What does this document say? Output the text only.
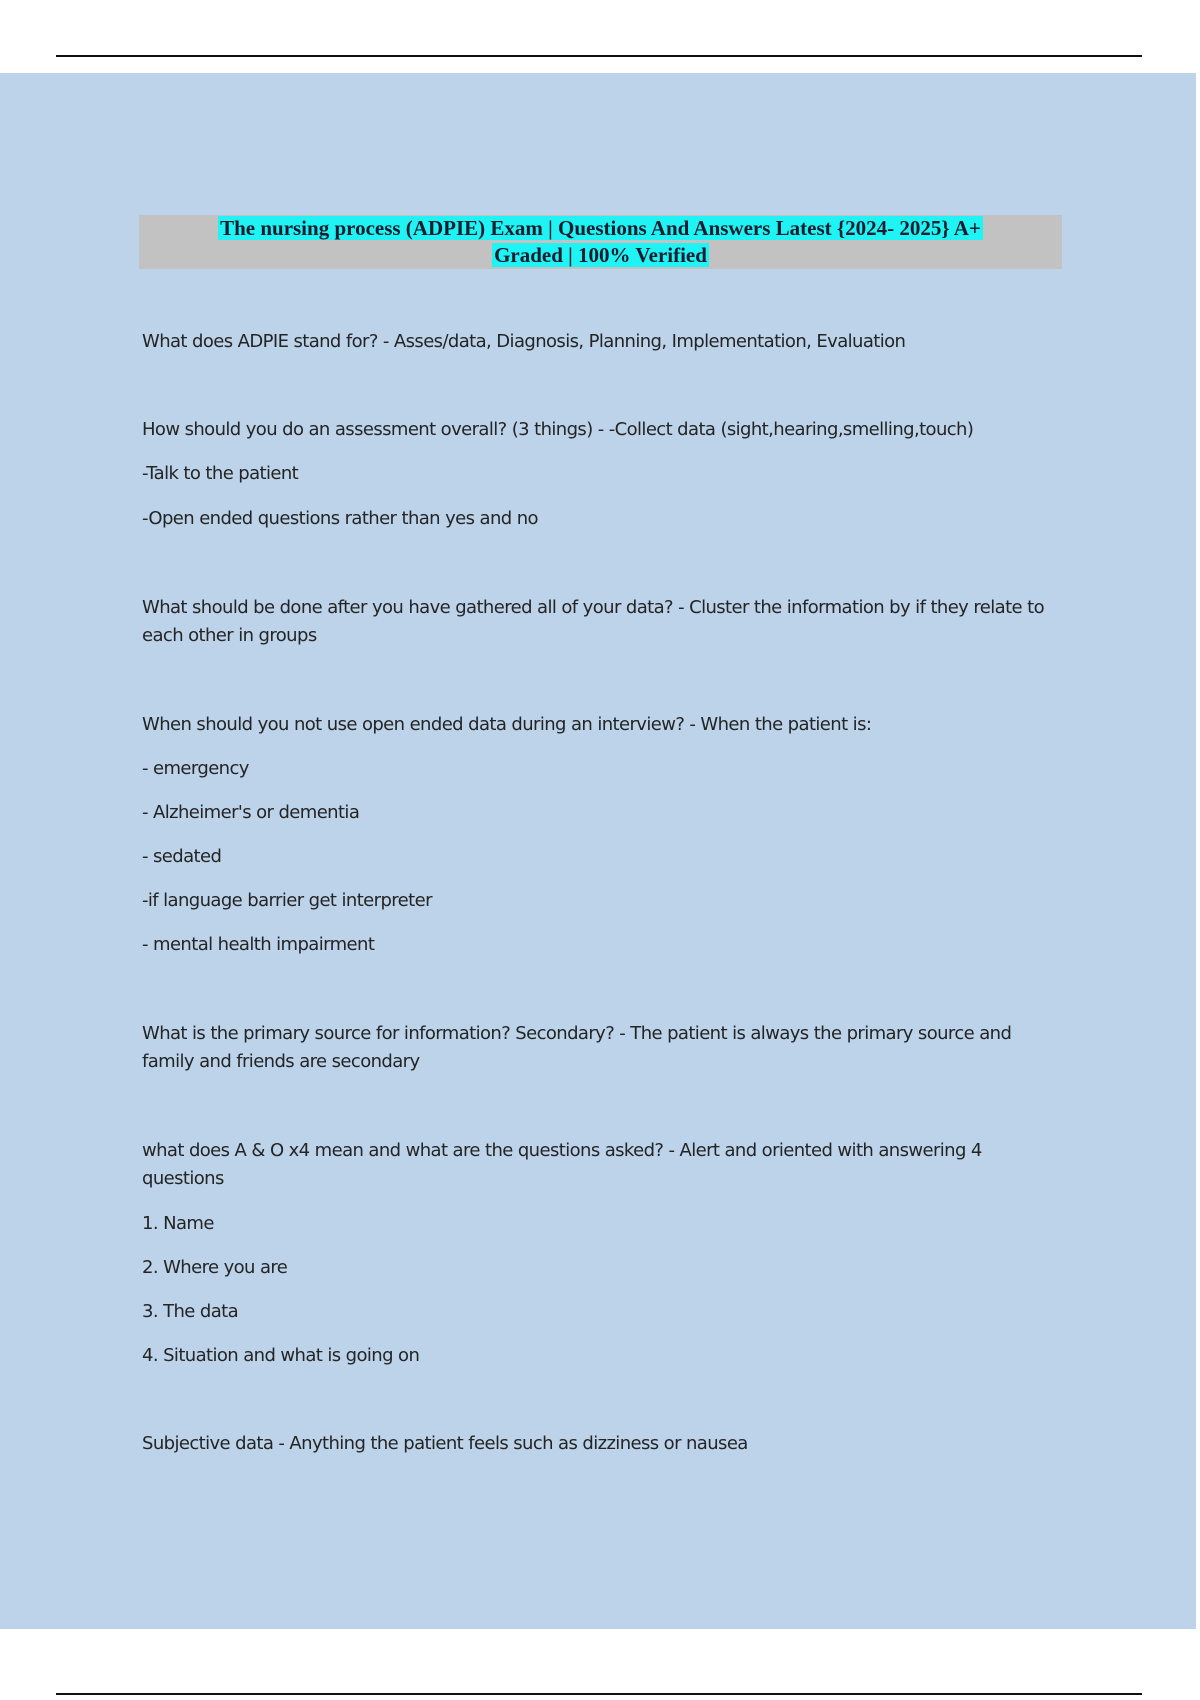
The nursing process (ADPIE) Exam | Questions And Answers Latest {2024- 2025} A+
Graded | 100% Verified
What does ADPIE stand for? - Asses/data, Diagnosis, Planning, Implementation, Evaluation
How should you do an assessment overall? (3 things) - -Collect data (sight,hearing,smelling,touch)
-Talk to the patient
-Open ended questions rather than yes and no
What should be done after you have gathered all of your data? - Cluster the information by if they relate to each other in groups
When should you not use open ended data during an interview? - When the patient is:
- emergency
- Alzheimer's or dementia
- sedated
-if language barrier get interpreter
- mental health impairment
What is the primary source for information? Secondary? - The patient is always the primary source and family and friends are secondary
what does A & O x4 mean and what are the questions asked? - Alert and oriented with answering 4 questions
1. Name
2. Where you are
3. The data
4. Situation and what is going on
Subjective data - Anything the patient feels such as dizziness or nausea
